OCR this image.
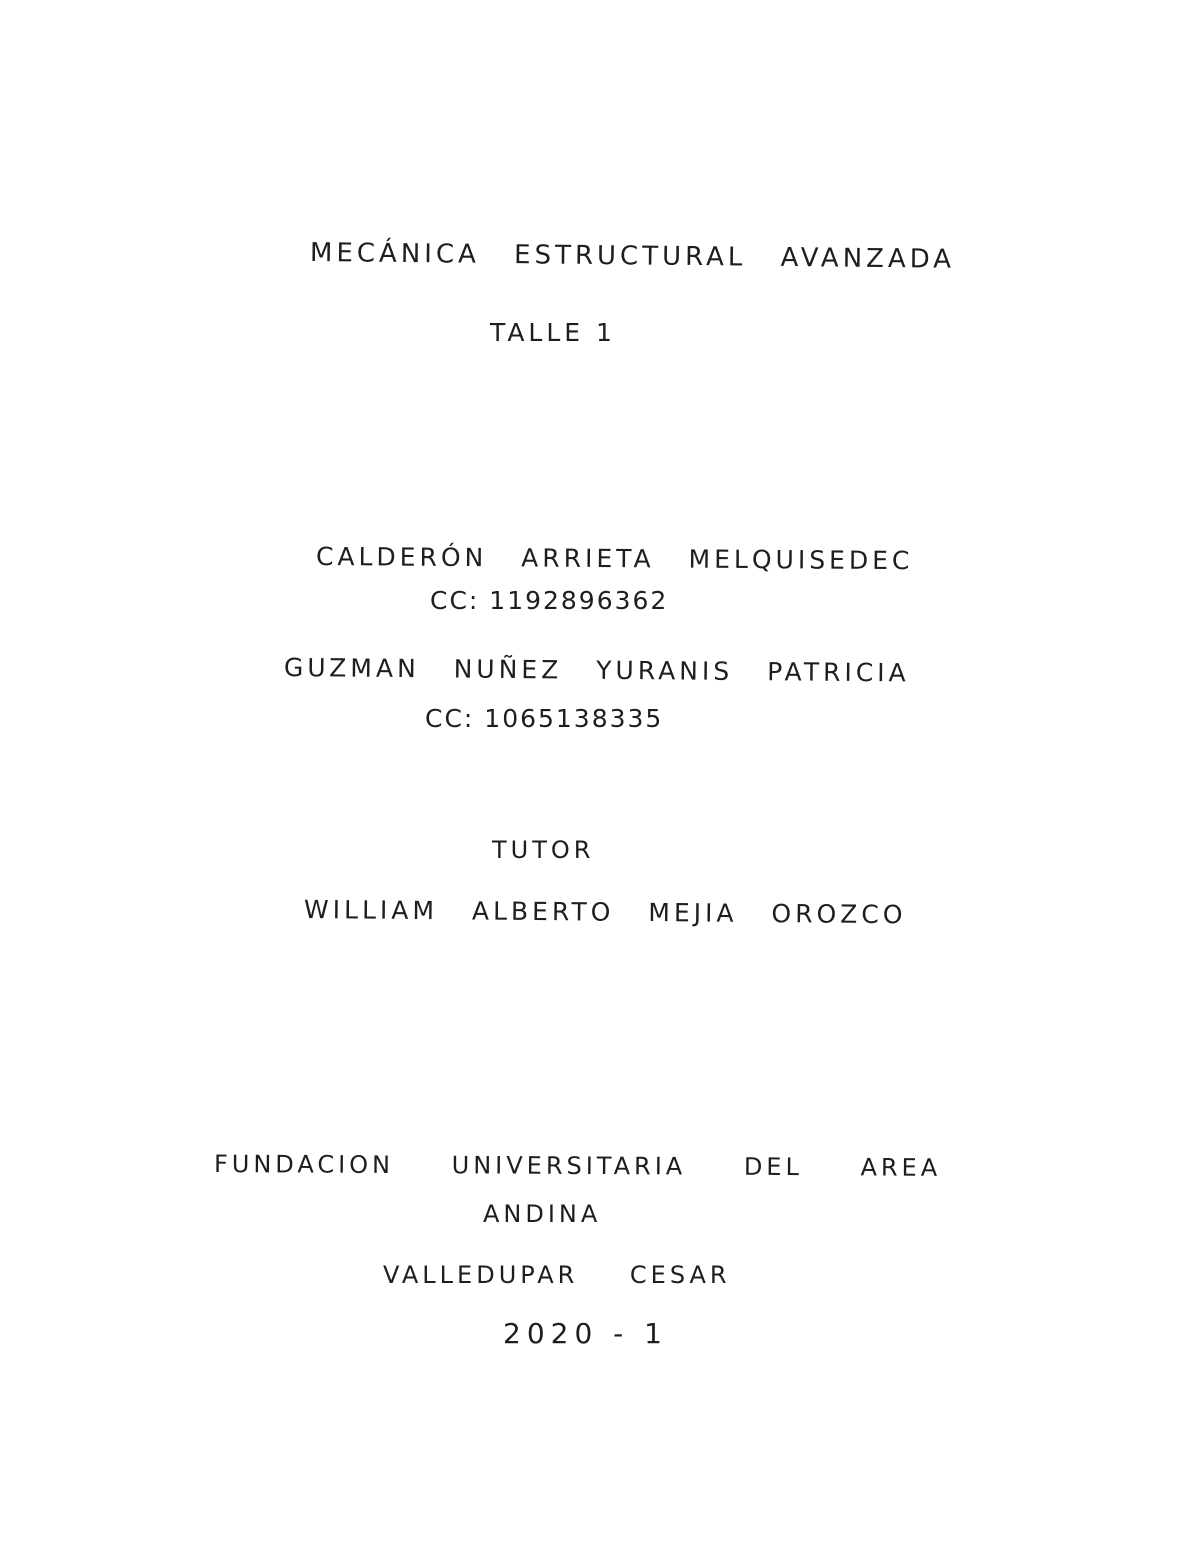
MECÁNICA ESTRUCTURAL AVANZADA
TALLE 1
CALDERÓN ARRIETA MELQUISEDEC
CC: 1192896362
GUZMAN NUÑEZ YURANIS PATRICIA
CC: 1065138335
TUTOR
WILLIAM ALBERTO MEJIA OROZCO
FUNDACION UNIVERSITARIA DEL AREA
ANDINA
VALLEDUPAR CESAR
2020 - 1
